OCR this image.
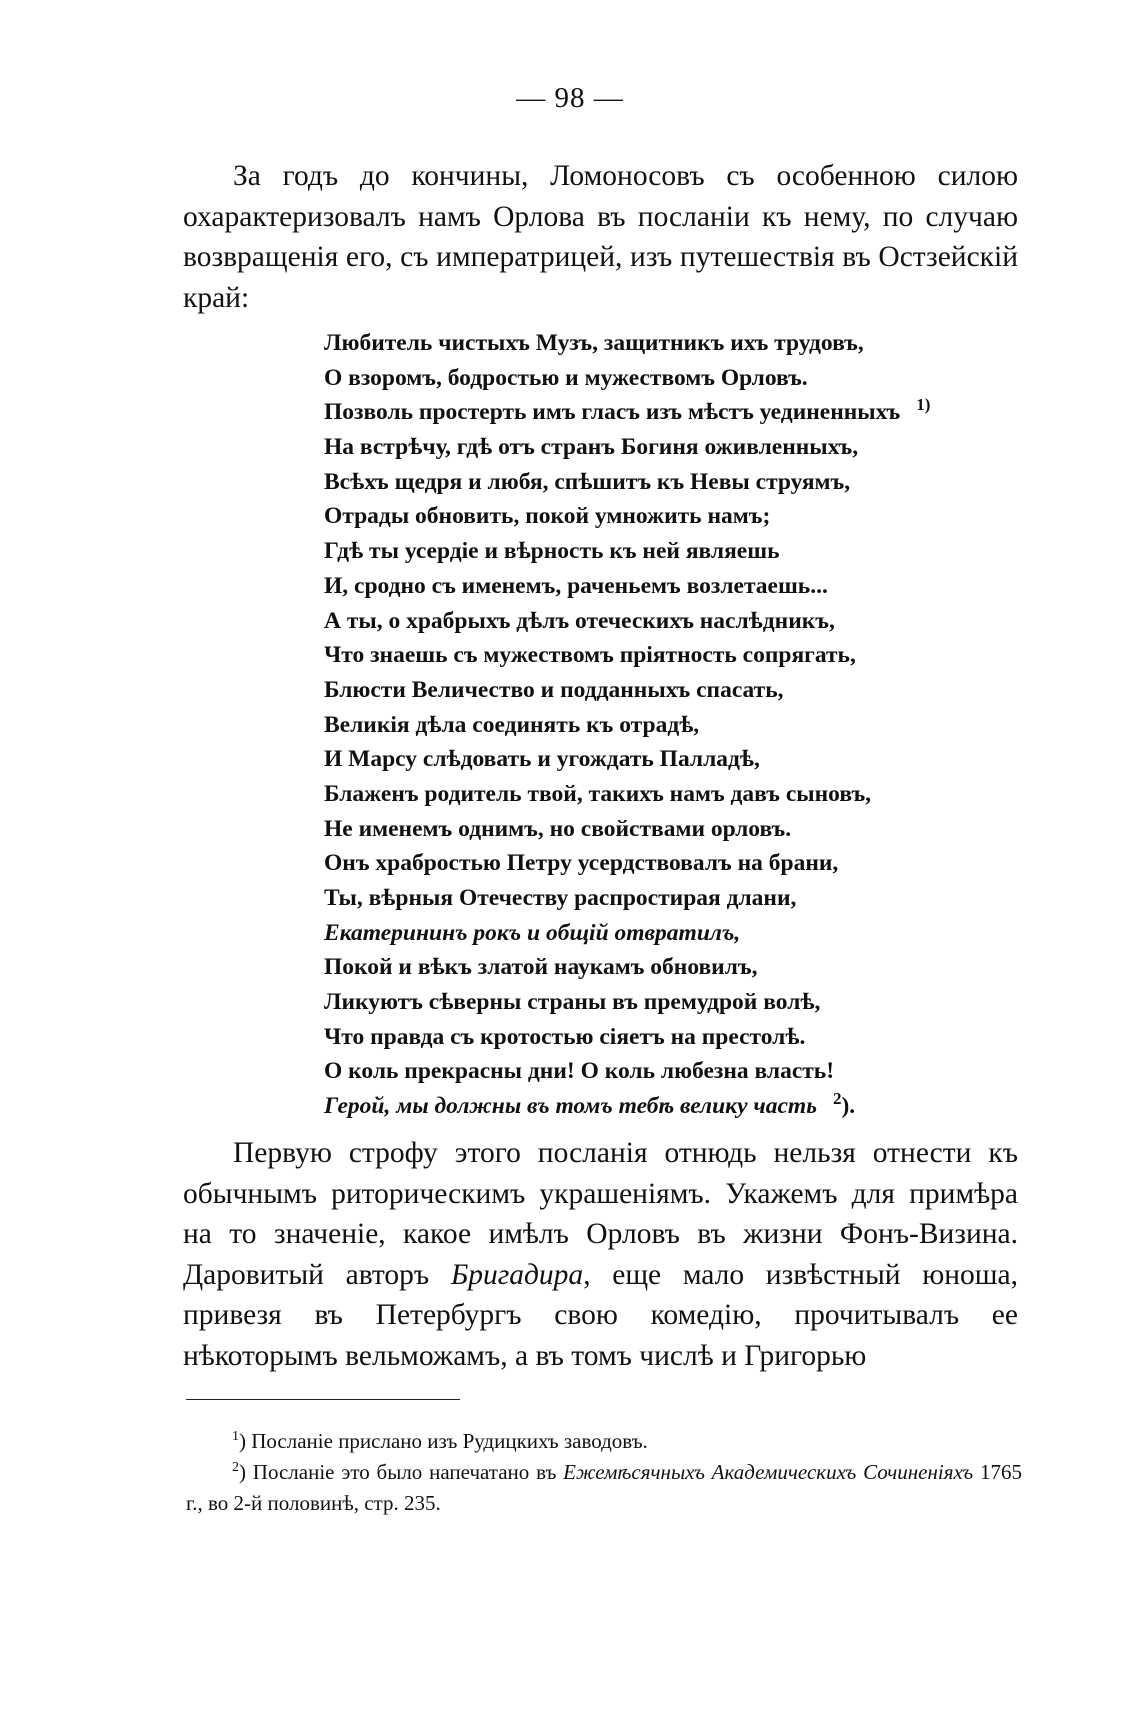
— 98 —

За годъ до кончины, Ломоносовъ съ особенною силою охарактеризовалъ намъ Орлова въ посланіи къ нему, по случаю возвращенія его, съ императрицей, изъ путешествія въ Остзейскій край:

Любитель чистыхъ Музъ, защитникъ ихъ трудовъ,
О взоромъ, бодростью и мужествомъ Орловъ.
Позволь простерть имъ гласъ изъ мѣстъ уединенныхъ $^{1)}$
На встрѣчу, гдѣ отъ странъ Богиня оживленныхъ,
Всѣхъ щедря и любя, спѣшитъ къ Невы струямъ,
Отрады обновить, покой умножить намъ;
Гдѣ ты усердіе и вѣрность къ ней являешь
И, сродно съ именемъ, раченьемъ возлетаешь...
А ты, о храбрыхъ дѣлъ отеческихъ наслѣдникъ,
Что знаешь съ мужествомъ пріятность сопрягать,
Блюсти Величество и подданныхъ спасать,
Великія дѣла соединять къ отрадѣ,
И Марсу слѣдовать и угождать Палладѣ,
Блаженъ родитель твой, такихъ намъ давъ сыновъ,
Не именемъ однимъ, но свойствами орловъ.
Онъ храбростью Петру усердствовалъ на брани,
Ты, вѣрныя Отечеству распростирая длани,
Екатерининъ рокъ и общій отвратилъ,
Покой и вѣкъ златой наукамъ обновилъ,
Ликуютъ сѣверны страны въ премудрой волѣ,
Что правда съ кротостью сіяетъ на престолѣ.
О коль прекрасны дни! О коль любезна власть!
Герой, мы должны въ томъ тебѣ велику часть $^2$).

Первую строфу этого посланія отнюдь нельзя отнести къ обычнымъ риторическимъ украшеніямъ. Укажемъ для примѣра на то значеніе, какое имѣлъ Орловъ въ жизни Фонъ-Визина. Даровитый авторъ Бригадира, еще мало извѣстный юноша, привезя въ Петербургъ свою комедію, прочитывалъ ее нѣкоторымъ вельможамъ, а въ томъ числѣ и Григорью

$^1$) Посланіе прислано изъ Рудицкихъ заводовъ.

$^2$) Посланіе это было напечатано въ Ежемѣсячныхъ Академическихъ Сочиненіяхъ 1765 г., во 2-й половинѣ, стр. 235.
